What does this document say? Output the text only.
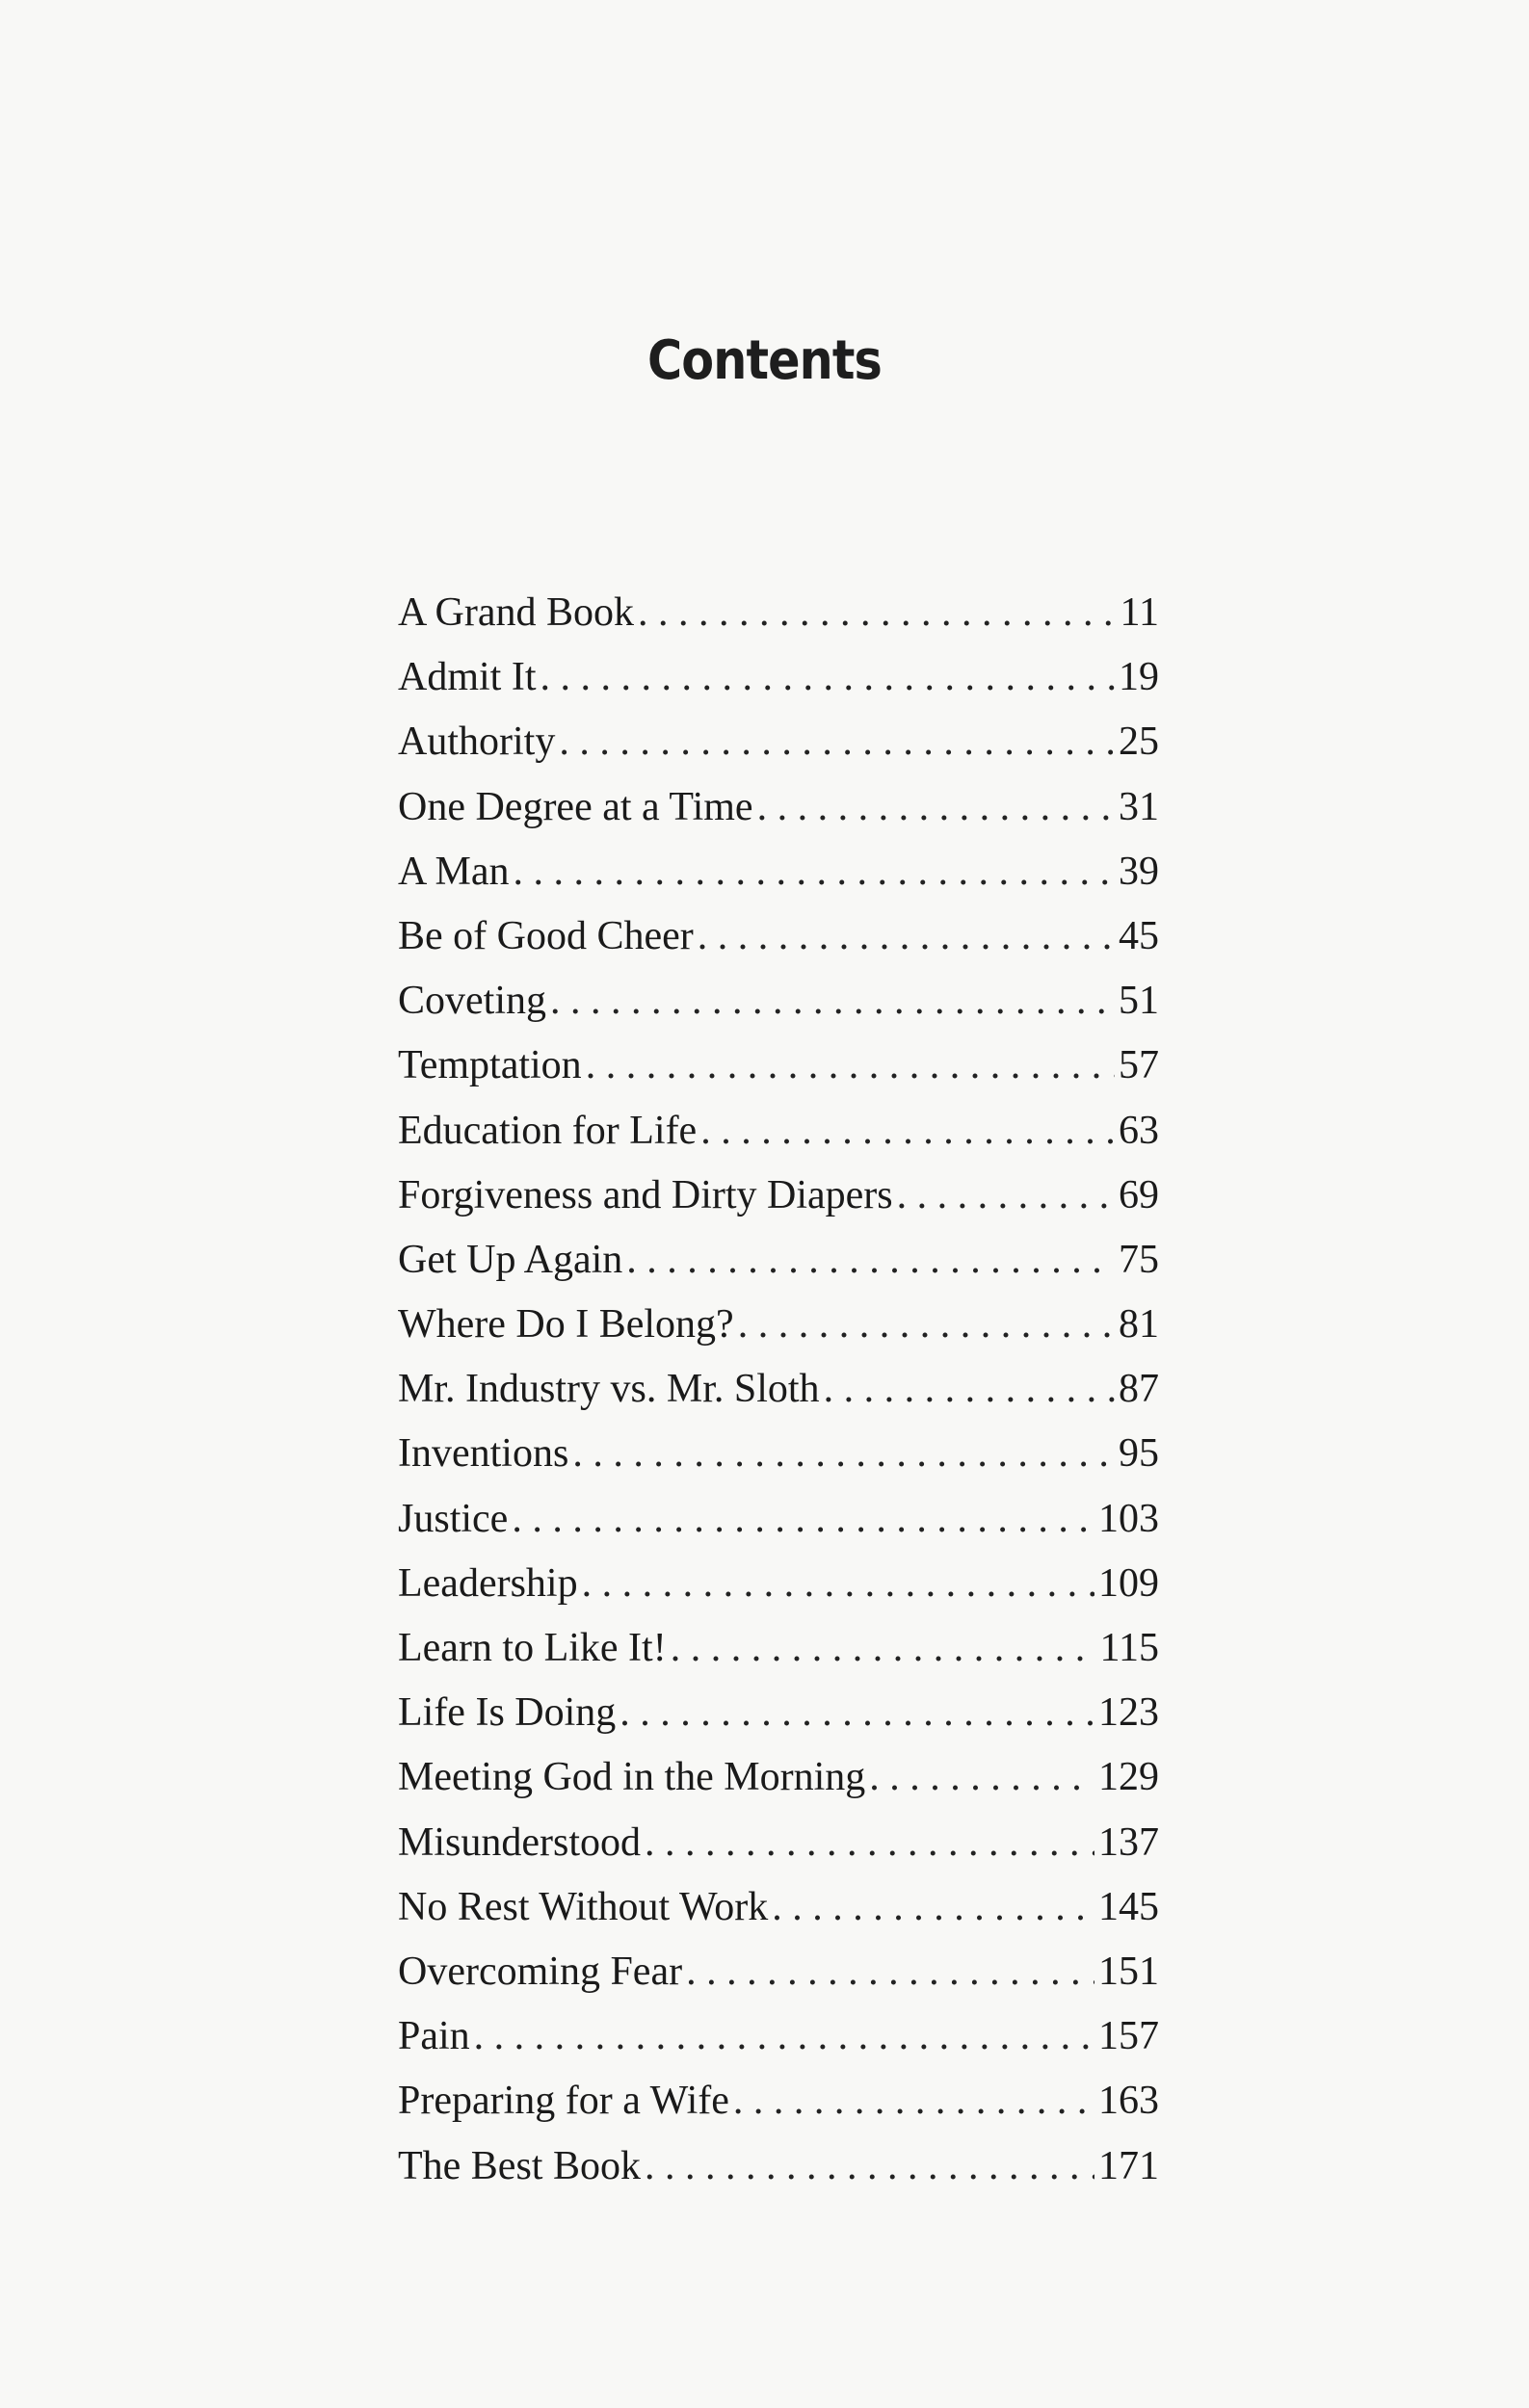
Contents
A Grand Book . . .	11
Admit It . . .	19
Authority . . .	25
One Degree at a Time . . .	31
A Man . . .	39
Be of Good Cheer . . .	45
Coveting . . .	51
Temptation . . .	57
Education for Life . . .	63
Forgiveness and Dirty Diapers . . .	69
Get Up Again . . .	75
Where Do I Belong? . . .	81
Mr. Industry vs. Mr. Sloth . . .	87
Inventions . . .	95
Justice . . .	103
Leadership . . .	109
Learn to Like It! . . .	115
Life Is Doing . . .	123
Meeting God in the Morning . . .	129
Misunderstood . . .	137
No Rest Without Work . . .	145
Overcoming Fear . . .	151
Pain . . .	157
Preparing for a Wife . . .	163
The Best Book . . .	171
